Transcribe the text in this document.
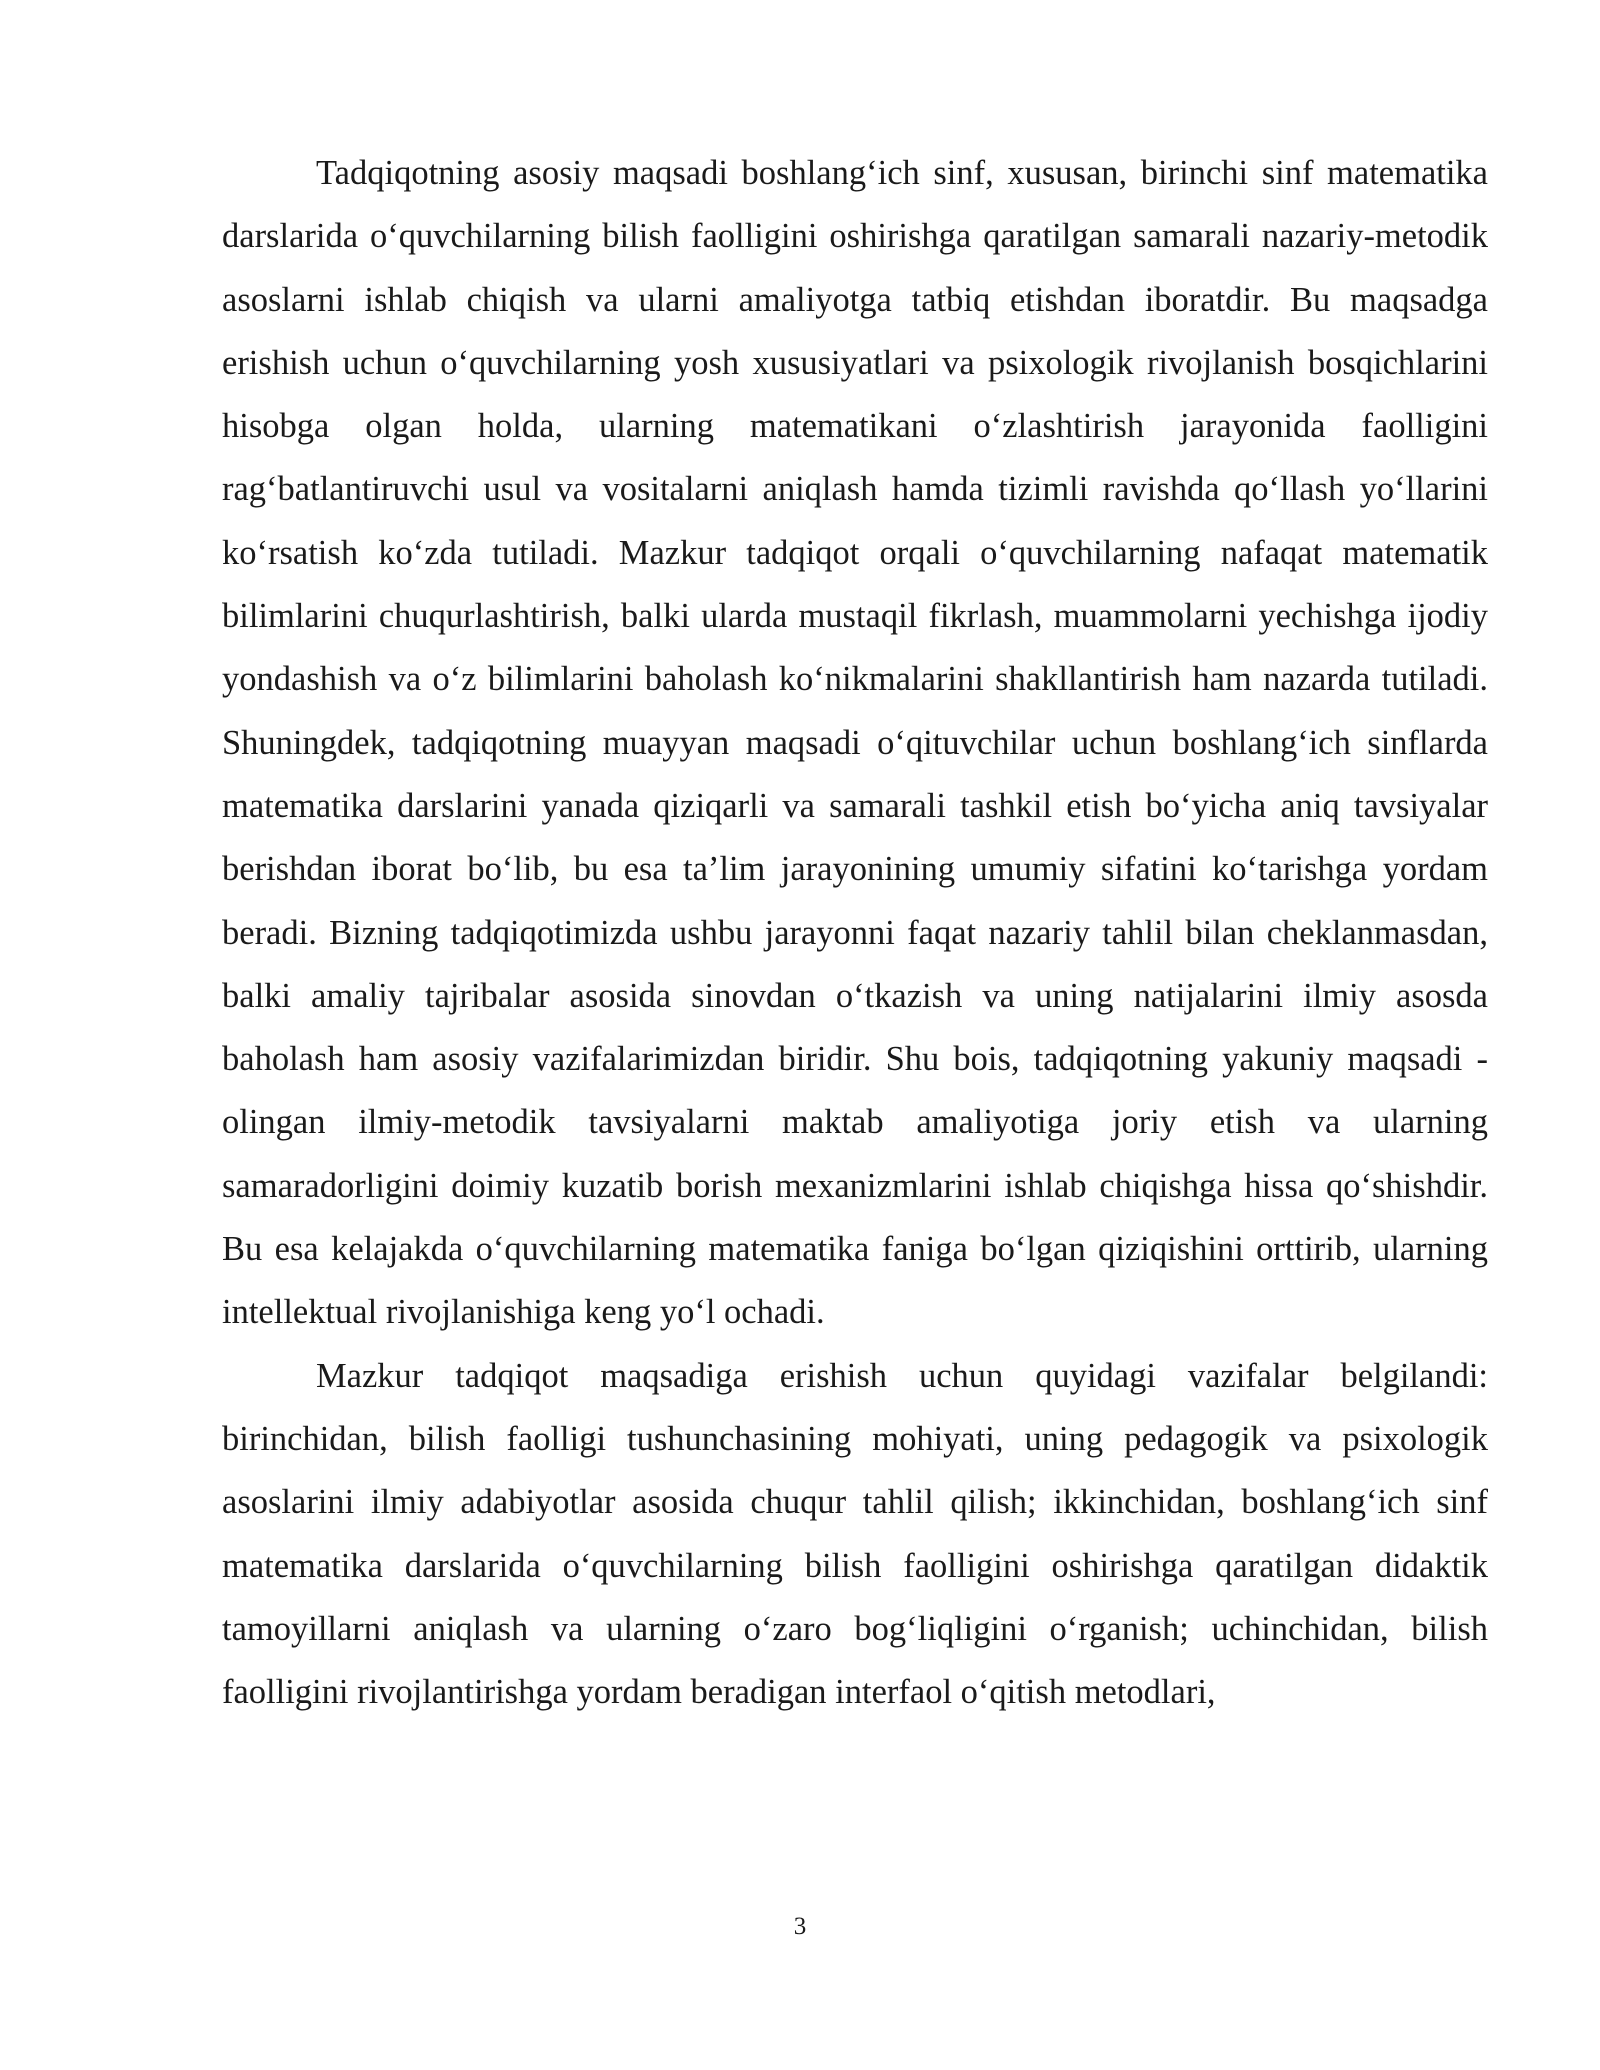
Tadqiqotning asosiy maqsadi boshlang‘ich sinf, xususan, birinchi sinf matematika darslarida o‘quvchilarning bilish faolligini oshirishga qaratilgan samarali nazariy-metodik asoslarni ishlab chiqish va ularni amaliyotga tatbiq etishdan iboratdir. Bu maqsadga erishish uchun o‘quvchilarning yosh xususiyatlari va psixologik rivojlanish bosqichlarini hisobga olgan holda, ularning matematikani o‘zlashtirish jarayonida faolligini rag‘batlantiruvchi usul va vositalarni aniqlash hamda tizimli ravishda qo‘llash yo‘llarini ko‘rsatish ko‘zda tutiladi. Mazkur tadqiqot orqali o‘quvchilarning nafaqat matematik bilimlarini chuqurlashtirish, balki ularda mustaqil fikrlash, muammolarni yechishga ijodiy yondashish va o‘z bilimlarini baholash ko‘nikmalarini shakllantirish ham nazarda tutiladi. Shuningdek, tadqiqotning muayyan maqsadi o‘qituvchilar uchun boshlang‘ich sinflarda matematika darslarini yanada qiziqarli va samarali tashkil etish bo‘yicha aniq tavsiyalar berishdan iborat bo‘lib, bu esa ta’lim jarayonining umumiy sifatini ko‘tarishga yordam beradi. Bizning tadqiqotimizda ushbu jarayonni faqat nazariy tahlil bilan cheklanmasdan, balki amaliy tajribalar asosida sinovdan o‘tkazish va uning natijalarini ilmiy asosda baholash ham asosiy vazifalarimizdan biridir. Shu bois, tadqiqotning yakuniy maqsadi - olingan ilmiy-metodik tavsiyalarni maktab amaliyotiga joriy etish va ularning samaradorligini doimiy kuzatib borish mexanizmlarini ishlab chiqishga hissa qo‘shishdir. Bu esa kelajakda o‘quvchilarning matematika faniga bo‘lgan qiziqishini orttirib, ularning intellektual rivojlanishiga keng yo‘l ochadi.

Mazkur tadqiqot maqsadiga erishish uchun quyidagi vazifalar belgilandi: birinchidan, bilish faolligi tushunchasining mohiyati, uning pedagogik va psixologik asoslarini ilmiy adabiyotlar asosida chuqur tahlil qilish; ikkinchidan, boshlang‘ich sinf matematika darslarida o‘quvchilarning bilish faolligini oshirishga qaratilgan didaktik tamoyillarni aniqlash va ularning o‘zaro bog‘liqligini o‘rganish; uchinchidan, bilish faolligini rivojlantirishga yordam beradigan interfaol o‘qitish metodlari,

3
